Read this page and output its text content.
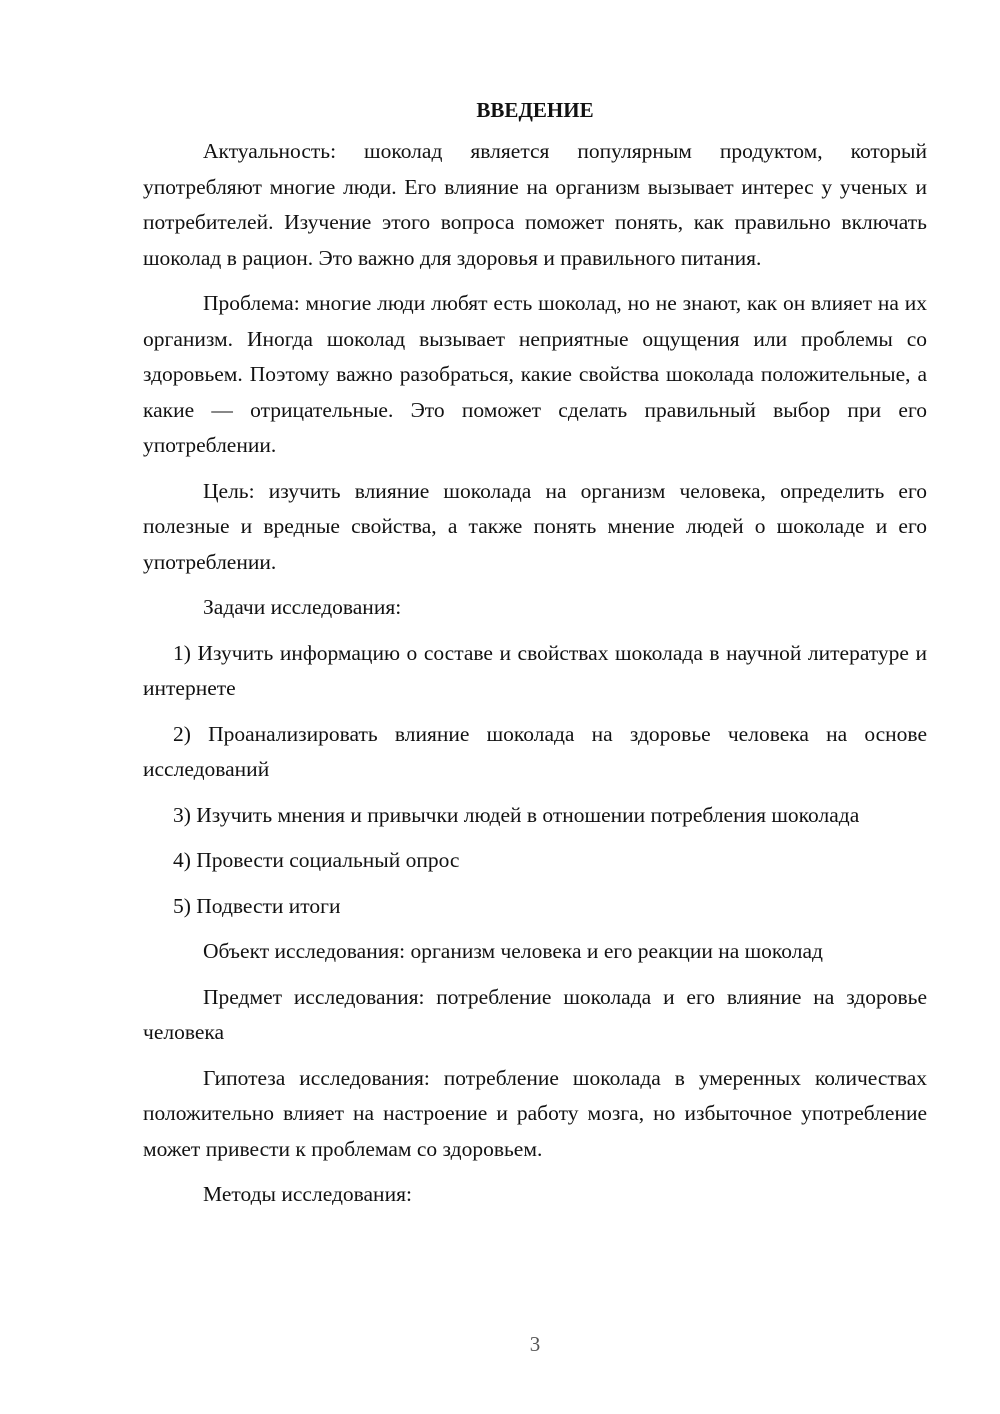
ВВЕДЕНИЕ

Актуальность: шоколад является популярным продуктом, который употребляют многие люди. Его влияние на организм вызывает интерес у ученых и потребителей. Изучение этого вопроса поможет понять, как правильно включать шоколад в рацион. Это важно для здоровья и правильного питания.

Проблема: многие люди любят есть шоколад, но не знают, как он влияет на их организм. Иногда шоколад вызывает неприятные ощущения или проблемы со здоровьем. Поэтому важно разобраться, какие свойства шоколада положительные, а какие — отрицательные. Это поможет сделать правильный выбор при его употреблении.

Цель: изучить влияние шоколада на организм человека, определить его полезные и вредные свойства, а также понять мнение людей о шоколаде и его употреблении.

Задачи исследования:

1) Изучить информацию о составе и свойствах шоколада в научной литературе и интернете

2) Проанализировать влияние шоколада на здоровье человека на основе исследований

3) Изучить мнения и привычки людей в отношении потребления шоколада

4) Провести социальный опрос

5) Подвести итоги

Объект исследования: организм человека и его реакции на шоколад

Предмет исследования: потребление шоколада и его влияние на здоровье человека

Гипотеза исследования: потребление шоколада в умеренных количествах положительно влияет на настроение и работу мозга, но избыточное употребление может привести к проблемам со здоровьем.

Методы исследования:

3
